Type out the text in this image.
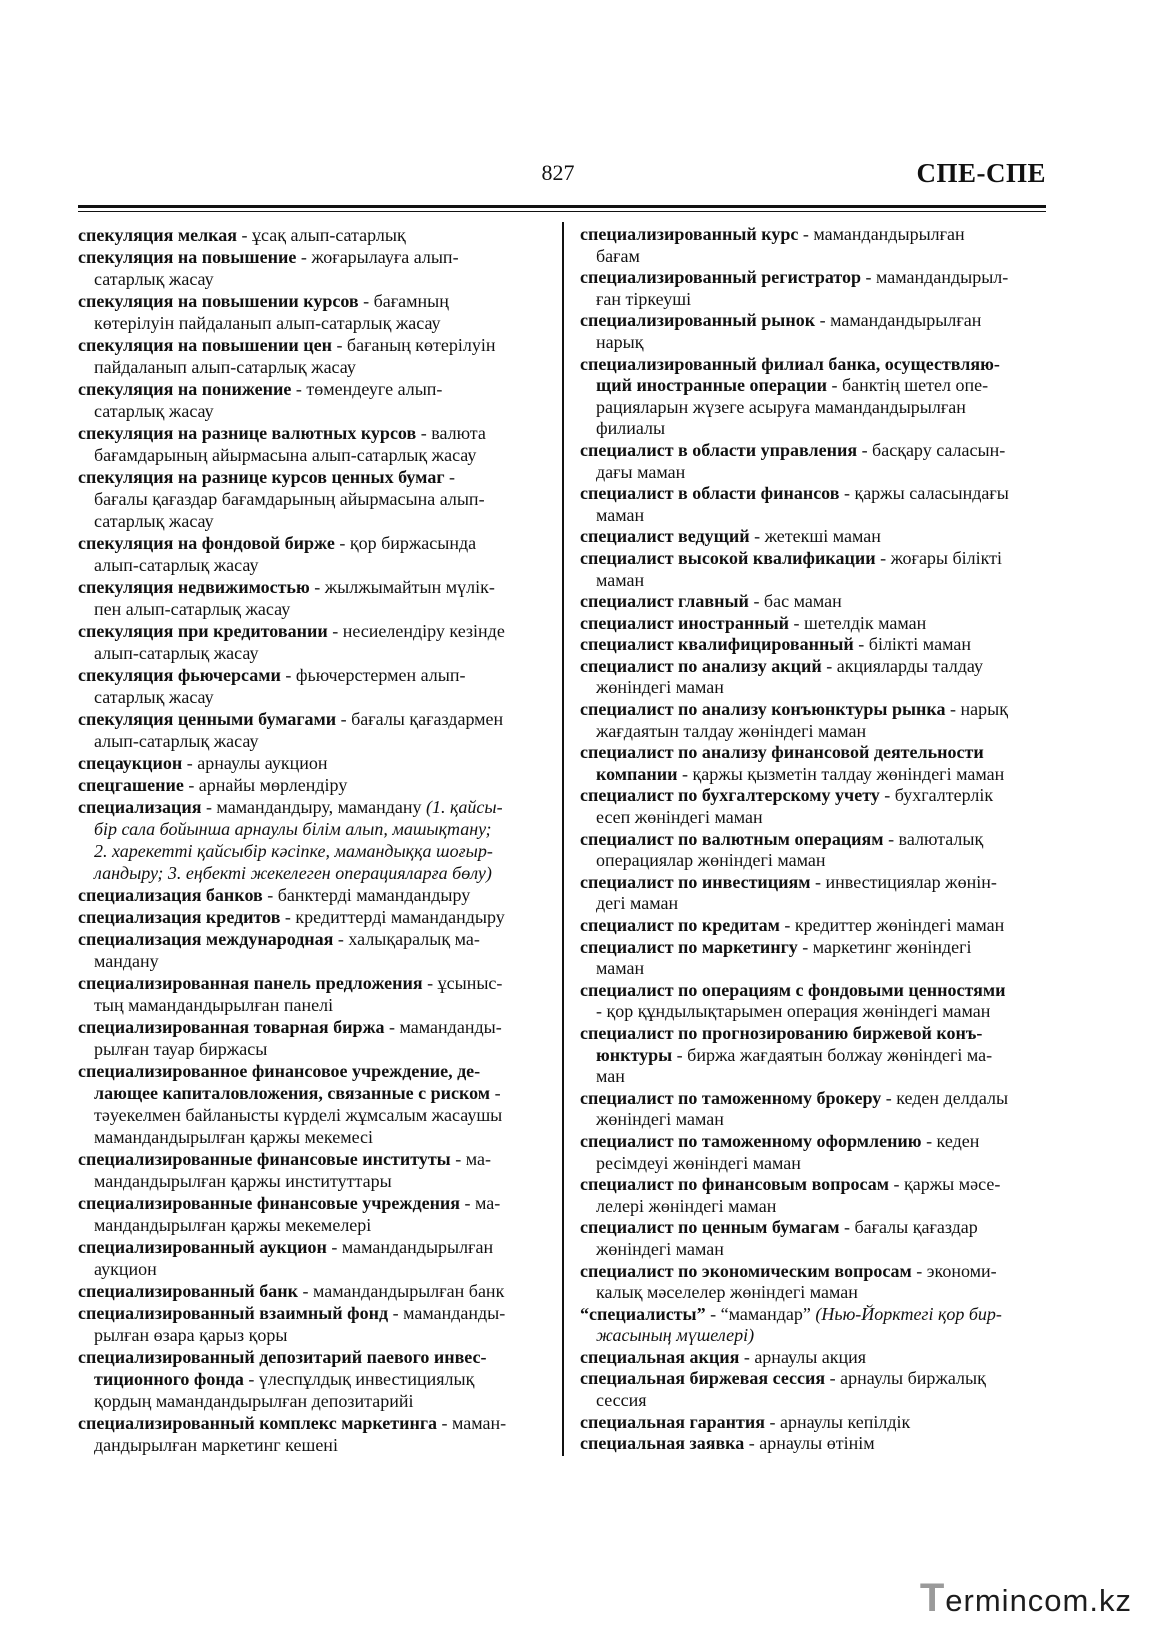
827	СПЕ-СПЕ
спекуляция мелкая - ұсақ алып-сатарлық
спекуляция на повышение - жоғарылауға алып-
сатарлық жасау
спекуляция на повышении курсов - бағамның
көтерілуін пайдаланып алып-сатарлық жасау
спекуляция на повышении цен - бағаның көтерілуін
пайдаланып алып-сатарлық жасау
спекуляция на понижение - төмендеуге алып-
сатарлық жасау
спекуляция на разнице валютных курсов - валюта
бағамдарының айырмасына алып-сатарлық жасау
спекуляция на разнице курсов ценных бумаг -
бағалы қағаздар бағамдарының айырмасына алып-
сатарлық жасау
спекуляция на фондовой бирже - қор биржасында
алып-сатарлық жасау
спекуляция недвижимостью - жылжымайтын мүлік-
пен алып-сатарлық жасау
спекуляция при кредитовании - несиелендіру кезінде
алып-сатарлық жасау
спекуляция фьючерсами - фьючерстермен алып-
сатарлық жасау
спекуляция ценными бумагами - бағалы қағаздармен
алып-сатарлық жасау
спецаукцион - арнаулы аукцион
спецгашение - арнайы мөрлендіру
специализация - мамандандыру, мамандану (1. қайсы-
бір сала бойынша арнаулы білім алып, машықтану;
2. харекетті қайсыбір кәсіпке, мамандыққа шоғыр-
ландыру; 3. еңбекті жекелеген операцияларға бөлу)
специализация банков - банктерді мамандандыру
специализация кредитов - кредиттерді мамандандыру
специализация международная - халықаралық ма-
мандану
специализированная панель предложения - ұсыныс-
тың мамандандырылған панелі
специализированная товарная биржа - маманданды-
рылған тауар биржасы
специализированное финансовое учреждение, де-
лающее капиталовложения, связанные с риском -
тәуекелмен байланысты күрделі жұмсалым жасаушы
мамандандырылған қаржы мекемесі
специализированные финансовые институты - ма-
мандандырылған қаржы институттары
специализированные финансовые учреждения - ма-
мандандырылған қаржы мекемелері
специализированный аукцион - мамандандырылған
аукцион
специализированный банк - мамандандырылған банк
специализированный взаимный фонд - маманданды-
рылған өзара қарыз қоры
специализированный депозитарий паевого инвес-
тиционного фонда - үлеспұлдық инвестициялық
қордың мамандандырылған депозитарийі
специализированный комплекс маркетинга - маман-
дандырылған маркетинг кешені
специализированный курс - мамандандырылған
бағам
специализированный регистратор - мамандандырыл-
ған тіркеуші
специализированный рынок - мамандандырылған
нарық
специализированный филиал банка, осуществляю-
щий иностранные операции - банктің шетел опе-
рацияларын жүзеге асыруға мамандандырылған
филиалы
специалист в области управления - басқару саласын-
дағы маман
специалист в области финансов - қаржы саласындағы
маман
специалист ведущий - жетекші маман
специалист высокой квалификации - жоғары білікті
маман
специалист главный - бас маман
специалист иностранный - шетелдік маман
специалист квалифицированный - білікті маман
специалист по анализу акций - акцияларды талдау
жөніндегі маман
специалист по анализу конъюнктуры рынка - нарық
жағдаятын талдау жөніндегі маман
специалист по анализу финансовой деятельности
компании - қаржы қызметін талдау жөніндегі маман
специалист по бухгалтерскому учету - бухгалтерлік
есеп жөніндегі маман
специалист по валютным операциям - валюталық
операциялар жөніндегі маман
специалист по инвестициям - инвестициялар жөнін-
дегі маман
специалист по кредитам - кредиттер жөніндегі маман
специалист по маркетингу - маркетинг жөніндегі
маман
специалист по операциям с фондовыми ценностями
- қор құндылықтарымен операция жөніндегі маман
специалист по прогнозированию биржевой конъ-
юнктуры - биржа жағдаятын болжау жөніндегі ма-
ман
специалист по таможенному брокеру - кеден делдалы
жөніндегі маман
специалист по таможенному оформлению - кеден
ресімдеуі жөніндегі маман
специалист по финансовым вопросам - қаржы мәсе-
лелері жөніндегі маман
специалист по ценным бумагам - бағалы қағаздар
жөніндегі маман
специалист по экономическим вопросам - экономи-
калық мәселелер жөніндегі маман
“специалисты” - “мамандар” (Нью-Йорктегі қор бир-
жасының мүшелері)
специальная акция - арнаулы акция
специальная биржевая сессия - арнаулы биржалық
сессия
специальная гарантия - арнаулы кепілдік
специальная заявка - арнаулы өтінім
Termincom.kz
